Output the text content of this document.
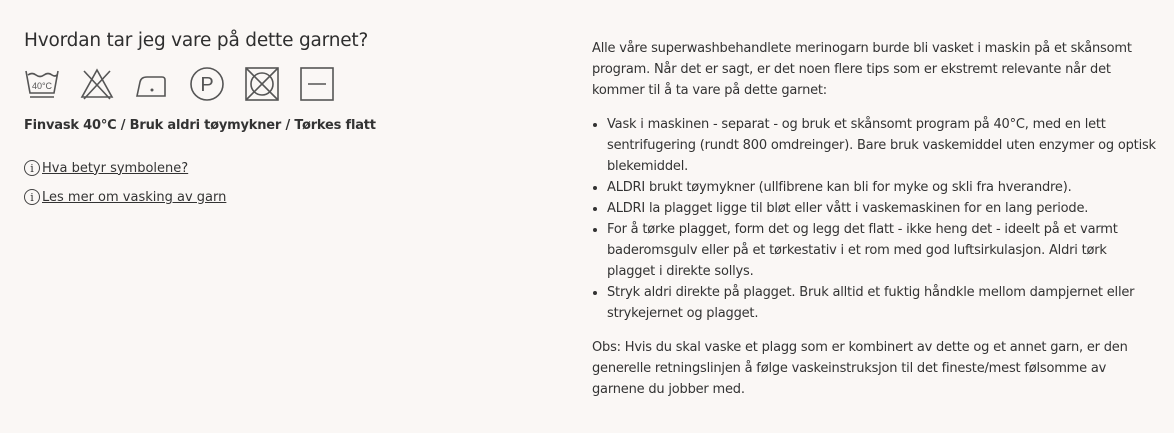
Hvordan tar jeg vare på dette garnet?
40°C	P
Finvask 40°C / Bruk aldri tøymykner / Tørkes flatt
i Hva betyr symbolene?
i Les mer om vasking av garn

Alle våre superwashbehandlete merinogarn burde bli vasket i maskin på et skånsomt program. Når det er sagt, er det noen flere tips som er ekstremt relevante når det kommer til å ta vare på dette garnet:

• Vask i maskinen - separat - og bruk et skånsomt program på 40°C, med en lett sentrifugering (rundt 800 omdreinger). Bare bruk vaskemiddel uten enzymer og optisk blekemiddel.
• ALDRI brukt tøymykner (ullfibrene kan bli for myke og skli fra hverandre).
• ALDRI la plagget ligge til bløt eller vått i vaskemaskinen for en lang periode.
• For å tørke plagget, form det og legg det flatt - ikke heng det - ideelt på et varmt baderomsgulv eller på et tørkestativ i et rom med god luftsirkulasjon. Aldri tørk plagget i direkte sollys.
• Stryk aldri direkte på plagget. Bruk alltid et fuktig håndkle mellom dampjernet eller strykejernet og plagget.

Obs: Hvis du skal vaske et plagg som er kombinert av dette og et annet garn, er den generelle retningslinjen å følge vaskeinstruksjon til det fineste/mest følsomme av garnene du jobber med.
